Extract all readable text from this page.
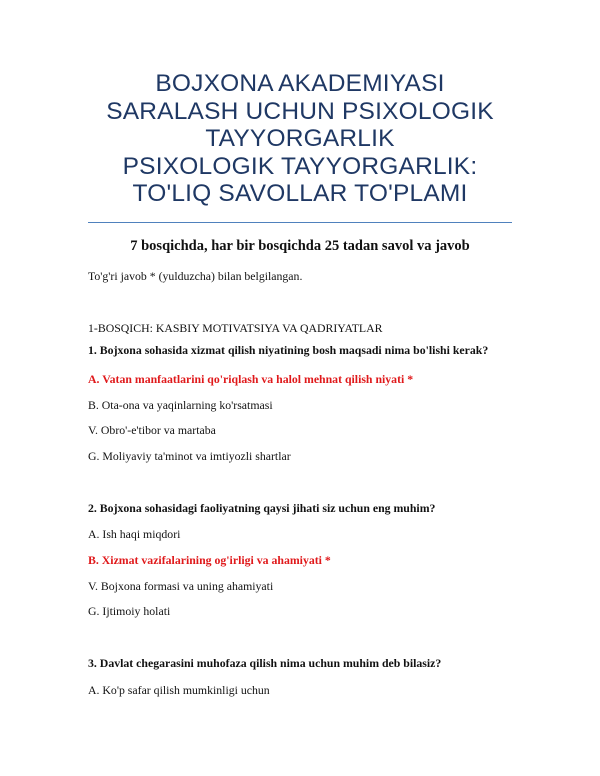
BOJXONA AKADEMIYASI
SARALASH UCHUN PSIXOLOGIK
TAYYORGARLIK
PSIXOLOGIK TAYYORGARLIK:
TO'LIQ SAVOLLAR TO'PLAMI
7 bosqichda, har bir bosqichda 25 tadan savol va javob
To'g'ri javob * (yulduzcha) bilan belgilangan.
1-BOSQICH: KASBIY MOTIVATSIYA VA QADRIYATLAR
1. Bojxona sohasida xizmat qilish niyatining bosh maqsadi nima bo'lishi kerak?
A. Vatan manfaatlarini qo'riqlash va halol mehnat qilish niyati *
B. Ota-ona va yaqinlarning ko'rsatmasi
V. Obro'-e'tibor va martaba
G. Moliyaviy ta'minot va imtiyozli shartlar
2. Bojxona sohasidagi faoliyatning qaysi jihati siz uchun eng muhim?
A. Ish haqi miqdori
B. Xizmat vazifalarining og'irligi va ahamiyati *
V. Bojxona formasi va uning ahamiyati
G. Ijtimoiy holati
3. Davlat chegarasini muhofaza qilish nima uchun muhim deb bilasiz?
A. Ko'p safar qilish mumkinligi uchun
